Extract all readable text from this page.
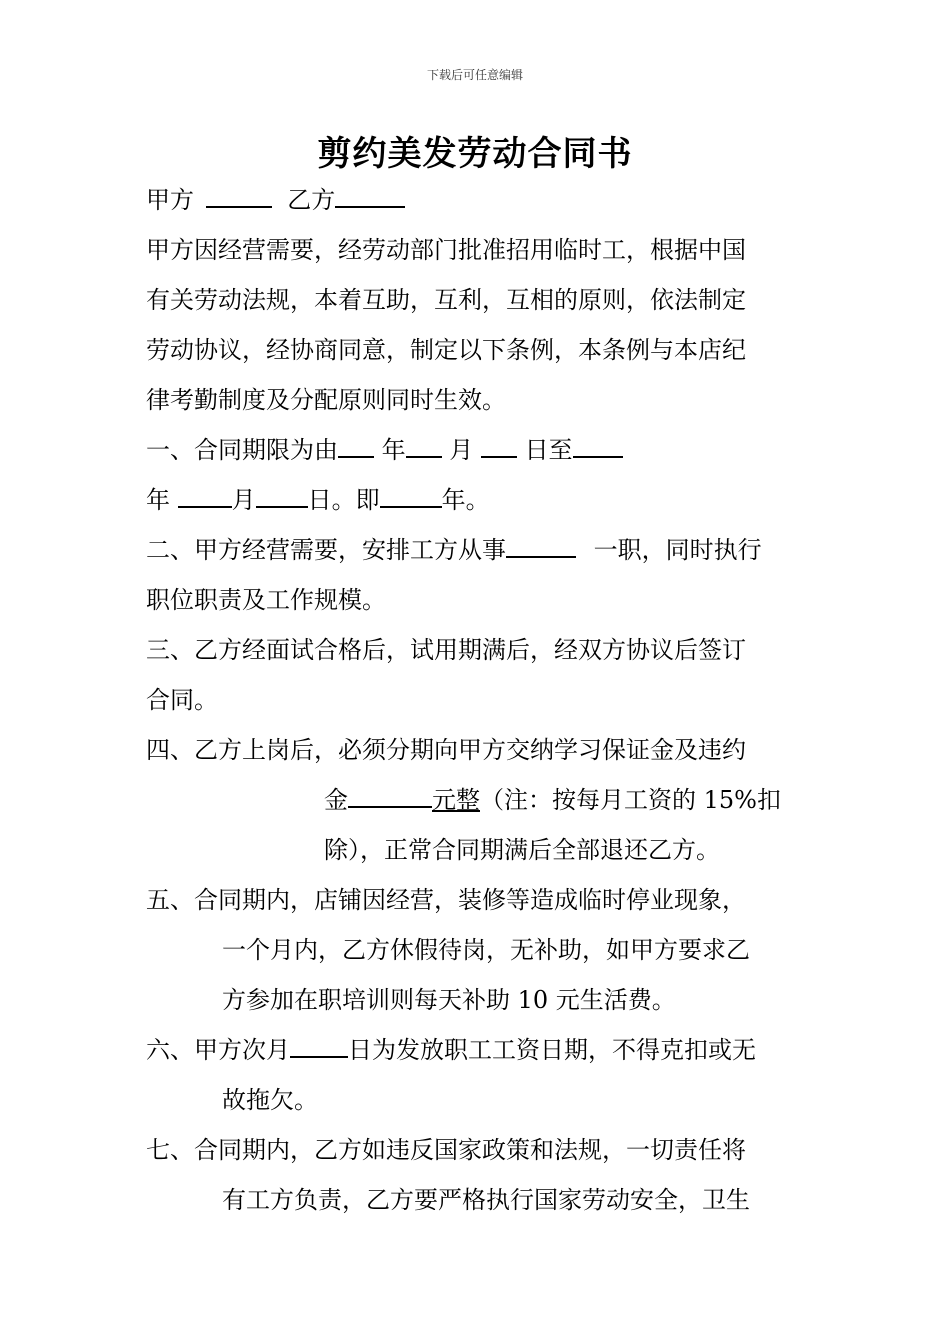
下载后可任意编辑
剪约美发劳动合同书
甲方	乙方
甲方因经营需要，经劳动部门批准招用临时工，根据中国
有关劳动法规，本着互助，互利，互相的原则，依法制定
劳动协议，经协商同意，制定以下条例，本条例与本店纪
律考勤制度及分配原则同时生效。
一、合同期限为由 年 月 日至
年	月 日。即	年。
二、甲方经营需要，安排工方从事	一职，同时执行
职位职责及工作规模。
三、乙方经面试合格后，试用期满后，经双方协议后签订
合同。
四、乙方上岗后，必须分期向甲方交纳学习保证金及违约
金	元整（注：按每月工资的 15%扣
除），正常合同期满后全部退还乙方。
五、合同期内，店铺因经营，装修等造成临时停业现象，
一个月内，乙方休假待岗，无补助，如甲方要求乙
方参加在职培训则每天补助 10 元生活费。
六、甲方次月 日为发放职工工资日期，不得克扣或无
故拖欠。
七、合同期内，乙方如违反国家政策和法规，一切责任将
有工方负责，乙方要严格执行国家劳动安全，卫生
